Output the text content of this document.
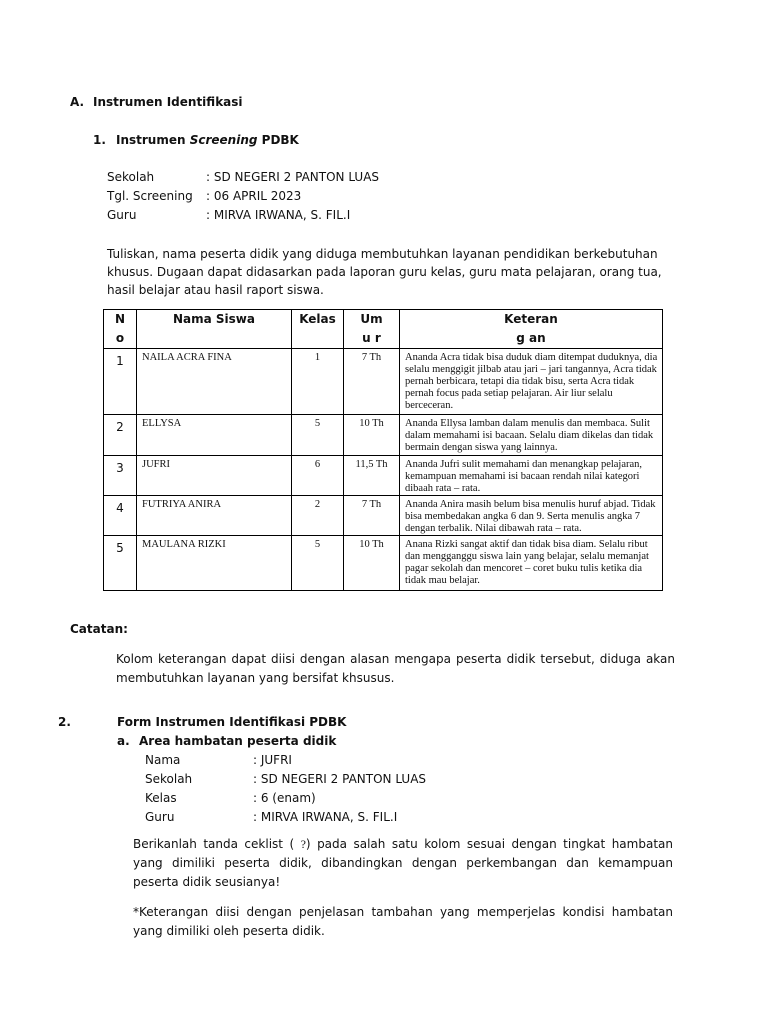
A. Instrumen Identifikasi
1. Instrumen Screening PDBK
Sekolah	: SD NEGERI 2 PANTON LUAS
Tgl. Screening : 06 APRIL 2023
Guru	: MIRVA IRWANA, S. FIL.I
Tuliskan, nama peserta didik yang diduga membutuhkan layanan pendidikan berkebutuhan khusus. Dugaan dapat didasarkan pada laporan guru kelas, guru mata pelajaran, orang tua, hasil belajar atau hasil raport siswa.
N o	Nama Siswa	Kelas	Umu r	Keterang an

1	NAILA ACRA FINA	1	7 Th	Ananda Acra tidak bisa duduk diam ditempat duduknya, dia selalu menggigit jilbab atau jari – jari tangannya, Acra tidak pernah berbicara, tetapi dia tidak bisu, serta Acra tidak pernah focus pada setiap pelajaran. Air liur selalu berceceran.
2	ELLYSA	5	10 Th	Ananda Ellysa lamban dalam menulis dan membaca. Sulit dalam memahami isi bacaan. Selalu diam dikelas dan tidak bermain dengan siswa yang lainnya.
3	JUFRI	6	11,5 Th	Ananda Jufri sulit memahami dan menangkap pelajaran, kemampuan memahami isi bacaan rendah nilai kategori dibaah rata – rata.
4	FUTRIYA ANIRA	2	7 Th	Ananda Anira masih belum bisa menulis huruf abjad. Tidak bisa membedakan angka 6 dan 9. Serta menulis angka 7 dengan terbalik. Nilai dibawah rata – rata.
5	MAULANA RIZKI	5	10 Th	Anana Rizki sangat aktif dan tidak bisa diam. Selalu ribut dan mengganggu siswa lain yang belajar, selalu memanjat pagar sekolah dan mencoret – coret buku tulis ketika dia tidak mau belajar.
Catatan:
Kolom keterangan dapat diisi dengan alasan mengapa peserta didik tersebut, diduga akan membutuhkan layanan yang bersifat khsusus.
2.	Form Instrumen Identifikasi PDBK
a. Area hambatan peserta didik
Nama	: JUFRI
Sekolah	: SD NEGERI 2 PANTON LUAS
Kelas	: 6 (enam)
Guru	: MIRVA IRWANA, S. FIL.I
Berikanlah tanda ceklist ( ?) pada salah satu kolom sesuai dengan tingkat hambatan yang dimiliki peserta didik, dibandingkan dengan perkembangan dan kemampuan peserta didik seusianya!
*Keterangan diisi dengan penjelasan tambahan yang memperjelas kondisi hambatan yang dimiliki oleh peserta didik.
